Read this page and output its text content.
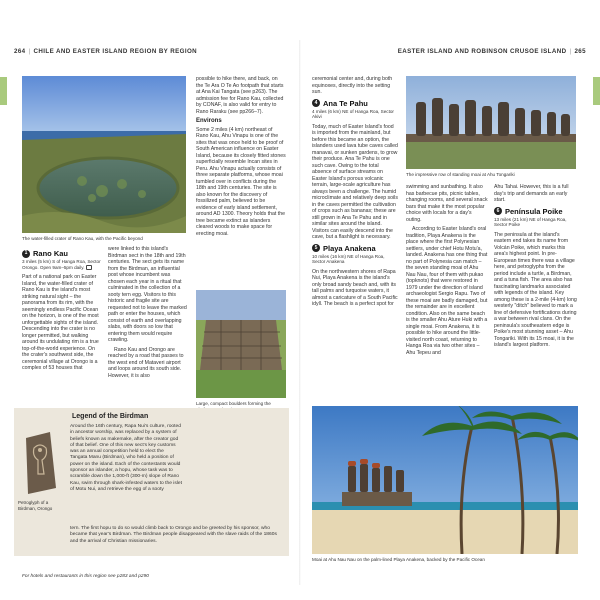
264 | CHILE AND EASTER ISLAND REGION BY REGION	EASTER ISLAND AND ROBINSON CRUSOE ISLAND | 265
The water-filled crater of Rano Kau, with the Pacific beyond
1 Rano Kau
3 miles (5 km) S of Hanga Roa, Sector Orongo. Open 9am–5pm daily.

Part of a national park on Easter Island, the water-filled crater of Rano Kau is the island's most striking natural sight – the panorama from its rim, with the seemingly endless Pacific Ocean on the horizon, is one of the most unforgettable sights of the island. Descending into the crater is no longer permitted, but walking around its undulating rim is a true top-of-the-world experience. On the crater's southwest side, the ceremonial village at Orongo is a complex of 53 houses that

were linked to this island's Birdman sect in the 18th and 19th centuries. The sect gets its name from the Birdman, an influential post whose incumbent was chosen each year in a ritual that culminated in the collection of a sooty tern egg. Visitors to this historic and fragile site are requested not to leave the marked path or enter the houses, which consist of earth and overlapping slabs, with doors so low that entering them would require crawling.

Rano Kau and Orongo are reached by a road that passes to the west end of Mataveri airport and loops around its south side. However, it is also

possible to hike there, and back, on the Te Ara O Te Ao footpath that starts at Ana Kai Tangata (see p263). The admission fee for Rano Kau, collected by CONAF, is also valid for entry to Rano Raraku (see pp266–7).

Environs

Some 2 miles (4 km) northeast of Rano Kau, Ahu Vinapu is one of the sites that was once held to be proof of South American influence on Easter Island, because its closely fitted stones superficially resemble Incan sites in Peru. Ahu Vinapu actually consists of three separate platforms, whose moai tumbled over in conflicts during the 18th and 19th centuries. The site is also known for the discovery of fossilized palm, believed to be evidence of early island settlement, around AD 1300. Theory holds that the tree became extinct as islanders cleared woods to make space for erecting moai.

Large, compact boulders forming the

Legend of the Birdman
Petroglyph of a Birdman, Orongo
Around the 16th century, Rapa Nui's culture, rooted in ancestor worship, was replaced by a system of beliefs known as makemake, after the creator god of that belief. One of this new sect's key customs was an annual competition held to elect the Tangata Manu (Birdman), who held a position of power on the island. Each of the contestants would sponsor an islander, a hopu, whose task was to scramble down the 1,000-ft (300-m) slope of Rano Kau, swim through shark-infested waters to the islet of Motu Nui, and retrieve the egg of a sooty
tern. The first hopu to do so would climb back to Orongo and be greeted by his sponsor, who became that year's Birdman. The Birdman people disappeared with the slave raids of the 1860s and the arrival of Christian missionaries.

ceremonial center and, during both equinoxes, directly into the setting sun.

4 Ana Te Pahu
4 miles (6 km) NE of Hanga Roa, Sector Akivi

Today, much of Easter Island's food is imported from the mainland, but before this became an option, the islanders used lava tube caves called manavai, or sunken gardens, to grow their produce. Ana Te Pahu is one such cave. Owing to the total absence of surface streams on Easter Island's porous volcanic terrain, large-scale agriculture has always been a challenge. The humid microclimate and relatively deep soils in the caves permitted the cultivation of crops such as bananas; these are still grown in Ana Te Pahu and in similar sites around the island. Visitors can easily descend into the cave, but a flashlight is necessary.

5 Playa Anakena
10 miles (16 km) NE of Hanga Roa, Sector Anakena

On the northwestern shores of Rapa Nui, Playa Anakena is the island's only broad sandy beach and, with its tall palms and turquoise waters, it almost a caricature of a South Pacific idyll. The beach is a perfect spot for

The impressive row of standing moai at Ahu Tongariki

swimming and sunbathing. It also has barbecue pits, picnic tables, changing rooms, and several snack bars that make it the most popular choice with locals for a day's outing.

According to Easter Island's oral tradition, Playa Anakena is the place where the first Polynesian settlers, under chief Hotu Motu'a, landed. Anakena has one thing that no part of Polynesia can match – the seven standing moai of Ahu Nau Nau, four of them with pukao (topknots) that were restored in 1979 under the direction of island archaeologist Sergio Rapu. Two of these moai are badly damaged, but the remainder are in excellent condition. Also on the same beach is the smaller Ahu Ature Huki with a single moai. From Anakena, it is possible to hike around the little-visited north coast, returning to Hanga Roa via two other sites – Ahu Tepeu and

Ahu Tahai. However, this is a full day's trip and demands an early start.

6 Península Poike
13 miles (21 km) NE of Hanga Roa, Sector Poike

The peninsula at the island's eastern end takes its name from Volcán Poike, which marks this area's highest point. In pre-European times there was a village here, and petroglyphs from the period include a turtle, a Birdman, and a tuna fish. The area also has fascinating landmarks associated with legends of the island. Key among these is a 2-mile (4-km) long westerly "ditch" believed to mark a line of defensive fortifications during a war between rival clans. On the peninsula's southeastern edge is Poike's most stunning asset – Ahu Tongariki. With its 15 moai, it is the island's largest platform.

Moai at Ahu Nau Nau on the palm-lined Playa Anakena, backed by the Pacific Ocean
For hotels and restaurants in this region see p283 and p290
